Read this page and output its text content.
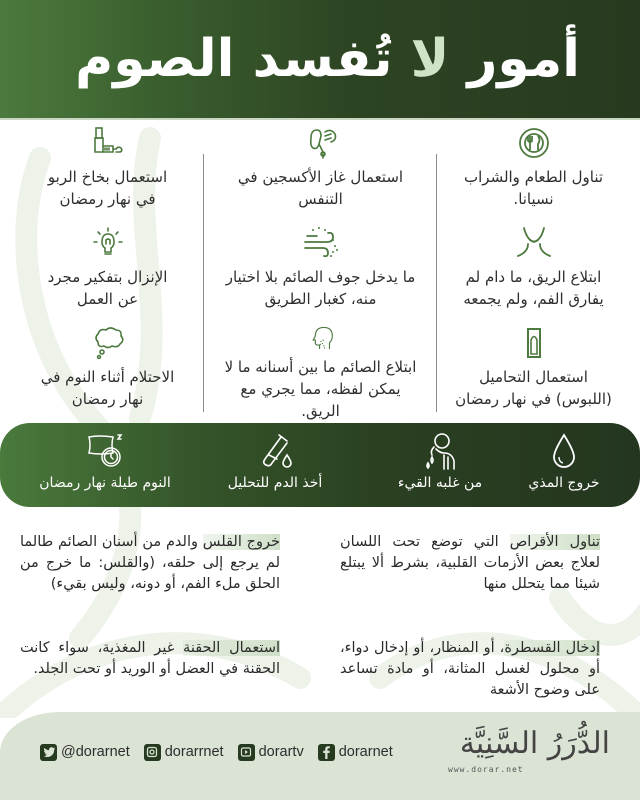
أمور لا تُفسد الصوم
تناول الطعام والشراب
نسيانا.
ابتلاع الريق، ما دام لم
يفارق الفم، ولم يجمعه
استعمال التحاميل
(اللبوس) في نهار رمضان
استعمال غاز الأكسجين في
التنفس
ما يدخل جوف الصائم بلا اختيار
منه، كغبار الطريق
ابتلاع الصائم ما بين أسنانه ما لا
يمكن لفظه، مما يجري مع الريق.
استعمال بخاخ الربو
في نهار رمضان
الإنزال بتفكير مجرد
عن العمل
الاحتلام أثناء النوم في
نهار رمضان
خروج المذي
من غلبه القيء
أخذ الدم للتحليل
النوم طيلة نهار رمضان
تناول الأقراص التي توضع تحت اللسان لعلاج بعض الأزمات القلبية، بشرط ألا يبتلع شيئا مما يتحلل منها
خروج القلس والدم من أسنان الصائم طالما لم يرجع إلى حلقه، (والقلس: ما خرج من الحلق ملء الفم، أو دونه، وليس بقيء)
إدخال القسطرة، أو المنظار، أو إدخال دواء، أو محلول لغسل المثانة، أو مادة تساعد على وضوح الأشعة
استعمال الحقنة غير المغذية، سواء كانت الحقنة في العضل أو الوريد أو تحت الجلد.
@dorarnet dorarrnet dorartv dorarnet الدُّرَرُ السَّنِيَّة
www.dorar.net
